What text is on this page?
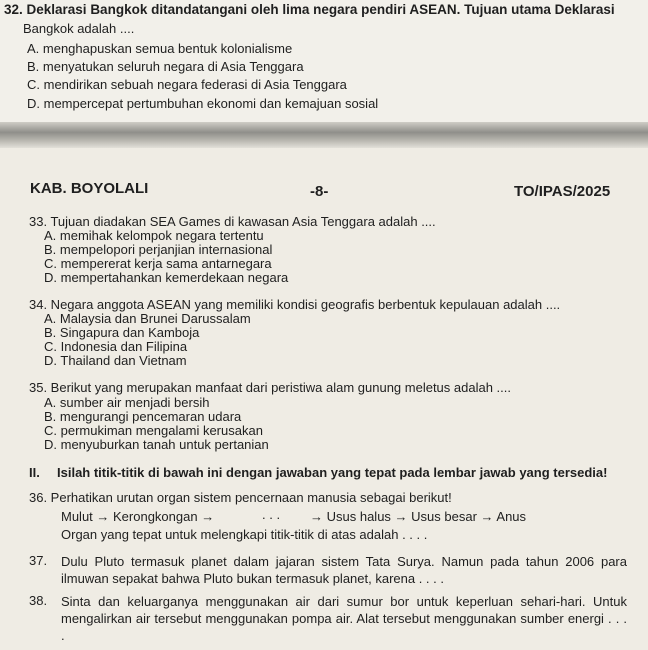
32. Deklarasi Bangkok ditandatangani oleh lima negara pendiri ASEAN. Tujuan utama Deklarasi
Bangkok adalah ....
A. menghapuskan semua bentuk kolonialisme
B. menyatukan seluruh negara di Asia Tenggara
C. mendirikan sebuah negara federasi di Asia Tenggara
D. mempercepat pertumbuhan ekonomi dan kemajuan sosial
KAB. BOYOLALI	-8-	TO/IPAS/2025
33. Tujuan diadakan SEA Games di kawasan Asia Tenggara adalah ....
A. memihak kelompok negara tertentu
B. mempelopori perjanjian internasional
C. mempererat kerja sama antarnegara
D. mempertahankan kemerdekaan negara
34. Negara anggota ASEAN yang memiliki kondisi geografis berbentuk kepulauan adalah ....
A. Malaysia dan Brunei Darussalam
B. Singapura dan Kamboja
C. Indonesia dan Filipina
D. Thailand dan Vietnam
35. Berikut yang merupakan manfaat dari peristiwa alam gunung meletus adalah ....
A. sumber air menjadi bersih
B. mengurangi pencemaran udara
C. permukiman mengalami kerusakan
D. menyuburkan tanah untuk pertanian
II. Isilah titik-titik di bawah ini dengan jawaban yang tepat pada lembar jawab yang tersedia!
36. Perhatikan urutan organ sistem pencernaan manusia sebagai berikut!
Mulut → Kerongkongan →	. . . → Usus halus → Usus besar → Anus
Organ yang tepat untuk melengkapi titik-titik di atas adalah . . . .
37. Dulu Pluto termasuk planet dalam jajaran sistem Tata Surya. Namun pada tahun 2006 para ilmuwan sepakat bahwa Pluto bukan termasuk planet, karena . . . .
38. Sinta dan keluarganya menggunakan air dari sumur bor untuk keperluan sehari-hari. Untuk mengalirkan air tersebut menggunakan pompa air. Alat tersebut menggunakan sumber energi . . . .
